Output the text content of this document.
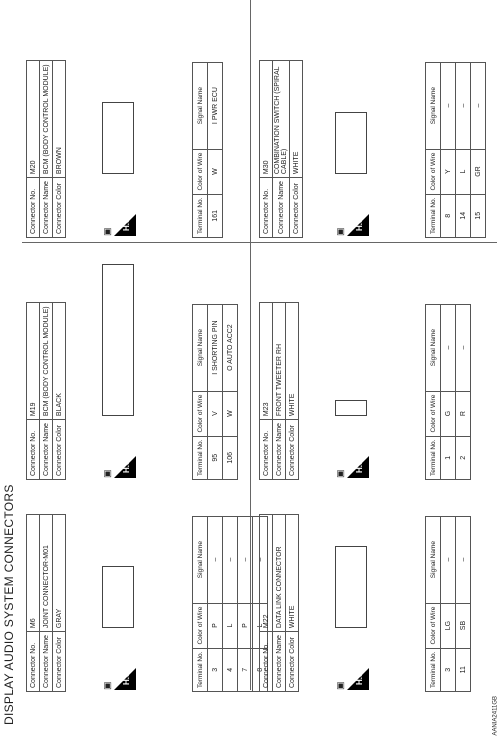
DISPLAY AUDIO SYSTEM CONNECTORS Connector No.	M6
Connector Name	JOINT CONNECTOR-M01
Connector Color	GRAY
▣
H.S.	Terminal No.	Color of Wire	Signal Name
3	P	–
4	L	–
7	P	–
8	L	–
Connector No.	M19
Connector Name	BCM (BODY CONTROL MODULE)
Connector Color	BLACK
▣
H.S.	Terminal No.	Color of Wire	Signal Name
95	V	I SHORTING PIN
106	W	O AUTO ACC2
Connector No.	M20
Connector Name	BCM (BODY CONTROL MODULE)
Connector Color	BROWN
▣
H.S.	Terminal No.	Color of Wire	Signal Name
161	W	I PWR ECU
Connector No.	M22
Connector Name	DATA LINK CONNECTOR
Connector Color	WHITE
▣
H.S.	Terminal No.	Color of Wire	Signal Name
3	LG	–
11	SB	–
Connector No.	M23
Connector Name	FRONT TWEETER RH
Connector Color	WHITE
▣
H.S.	Terminal No.	Color of Wire	Signal Name
1	G	–
2	R	–
Connector No.	M30
Connector Name	COMBINATION SWITCH (SPIRAL CABLE)
Connector Color	WHITE
▣
H.S.	Terminal No.	Color of Wire	Signal Name
8	Y	–
14	L	–
15	GR	–
AANIA2411GB
